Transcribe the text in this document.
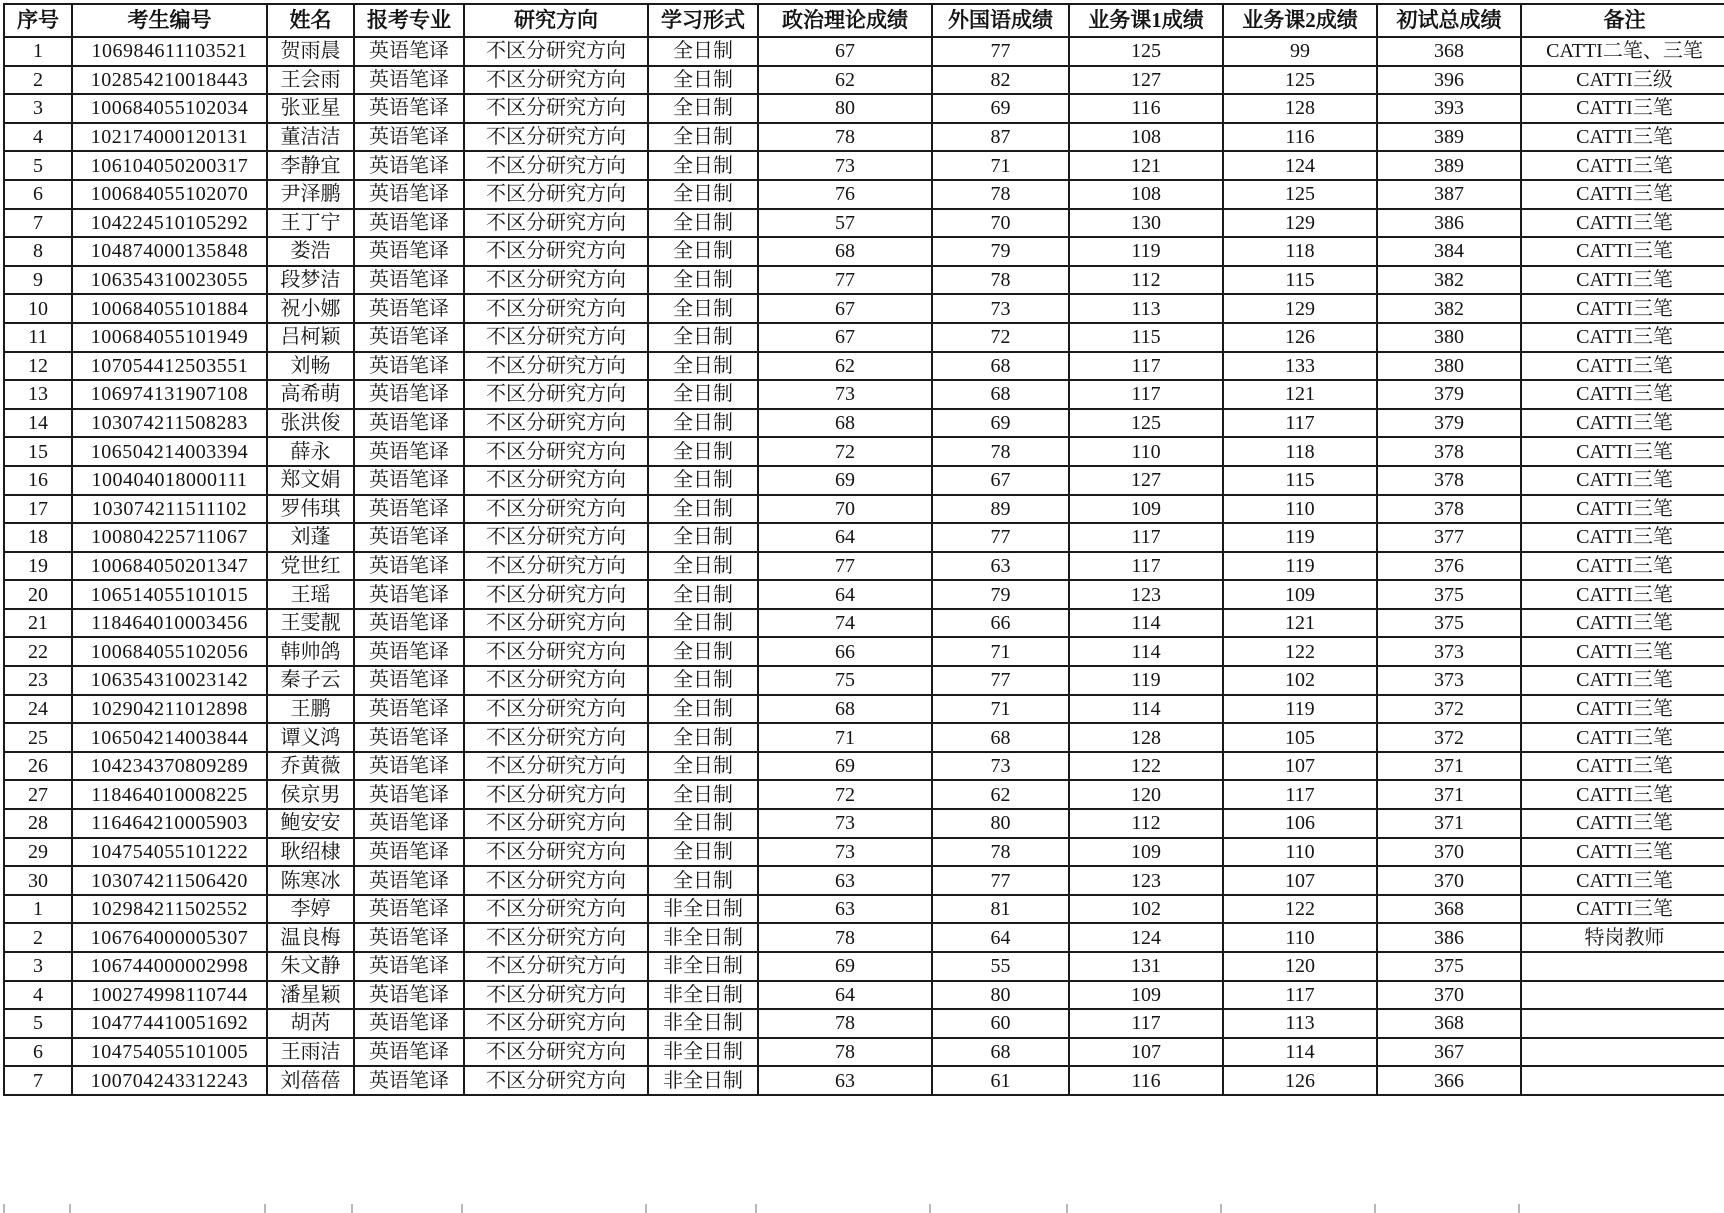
序号	考生编号	姓名	报考专业	研究方向	学习形式	政治理论成绩	外国语成绩	业务课1成绩	业务课2成绩	初试总成绩	备注
1	106984611103521	贺雨晨	英语笔译	不区分研究方向	全日制	67	77	125	99	368	CATTI二笔、三笔
2	102854210018443	王会雨	英语笔译	不区分研究方向	全日制	62	82	127	125	396	CATTI三级
3	100684055102034	张亚星	英语笔译	不区分研究方向	全日制	80	69	116	128	393	CATTI三笔
4	102174000120131	董洁洁	英语笔译	不区分研究方向	全日制	78	87	108	116	389	CATTI三笔
5	106104050200317	李静宜	英语笔译	不区分研究方向	全日制	73	71	121	124	389	CATTI三笔
6	100684055102070	尹泽鹏	英语笔译	不区分研究方向	全日制	76	78	108	125	387	CATTI三笔
7	104224510105292	王丁宁	英语笔译	不区分研究方向	全日制	57	70	130	129	386	CATTI三笔
8	104874000135848	娄浩	英语笔译	不区分研究方向	全日制	68	79	119	118	384	CATTI三笔
9	106354310023055	段梦洁	英语笔译	不区分研究方向	全日制	77	78	112	115	382	CATTI三笔
10	100684055101884	祝小娜	英语笔译	不区分研究方向	全日制	67	73	113	129	382	CATTI三笔
11	100684055101949	吕柯颖	英语笔译	不区分研究方向	全日制	67	72	115	126	380	CATTI三笔
12	107054412503551	刘畅	英语笔译	不区分研究方向	全日制	62	68	117	133	380	CATTI三笔
13	106974131907108	高希萌	英语笔译	不区分研究方向	全日制	73	68	117	121	379	CATTI三笔
14	103074211508283	张洪俊	英语笔译	不区分研究方向	全日制	68	69	125	117	379	CATTI三笔
15	106504214003394	薛永	英语笔译	不区分研究方向	全日制	72	78	110	118	378	CATTI三笔
16	100404018000111	郑文娟	英语笔译	不区分研究方向	全日制	69	67	127	115	378	CATTI三笔
17	103074211511102	罗伟琪	英语笔译	不区分研究方向	全日制	70	89	109	110	378	CATTI三笔
18	100804225711067	刘蓬	英语笔译	不区分研究方向	全日制	64	77	117	119	377	CATTI三笔
19	100684050201347	党世红	英语笔译	不区分研究方向	全日制	77	63	117	119	376	CATTI三笔
20	106514055101015	王瑶	英语笔译	不区分研究方向	全日制	64	79	123	109	375	CATTI三笔
21	118464010003456	王雯靓	英语笔译	不区分研究方向	全日制	74	66	114	121	375	CATTI三笔
22	100684055102056	韩帅鸽	英语笔译	不区分研究方向	全日制	66	71	114	122	373	CATTI三笔
23	106354310023142	秦子云	英语笔译	不区分研究方向	全日制	75	77	119	102	373	CATTI三笔
24	102904211012898	王鹏	英语笔译	不区分研究方向	全日制	68	71	114	119	372	CATTI三笔
25	106504214003844	谭义鸿	英语笔译	不区分研究方向	全日制	71	68	128	105	372	CATTI三笔
26	104234370809289	乔黄薇	英语笔译	不区分研究方向	全日制	69	73	122	107	371	CATTI三笔
27	118464010008225	侯京男	英语笔译	不区分研究方向	全日制	72	62	120	117	371	CATTI三笔
28	116464210005903	鲍安安	英语笔译	不区分研究方向	全日制	73	80	112	106	371	CATTI三笔
29	104754055101222	耿绍棣	英语笔译	不区分研究方向	全日制	73	78	109	110	370	CATTI三笔
30	103074211506420	陈寒冰	英语笔译	不区分研究方向	全日制	63	77	123	107	370	CATTI三笔
1	102984211502552	李婷	英语笔译	不区分研究方向	非全日制	63	81	102	122	368	CATTI三笔
2	106764000005307	温良梅	英语笔译	不区分研究方向	非全日制	78	64	124	110	386	特岗教师
3	106744000002998	朱文静	英语笔译	不区分研究方向	非全日制	69	55	131	120	375	
4	100274998110744	潘星颖	英语笔译	不区分研究方向	非全日制	64	80	109	117	370	
5	104774410051692	胡芮	英语笔译	不区分研究方向	非全日制	78	60	117	113	368	
6	104754055101005	王雨洁	英语笔译	不区分研究方向	非全日制	78	68	107	114	367	
7	100704243312243	刘蓓蓓	英语笔译	不区分研究方向	非全日制	63	61	116	126	366	
